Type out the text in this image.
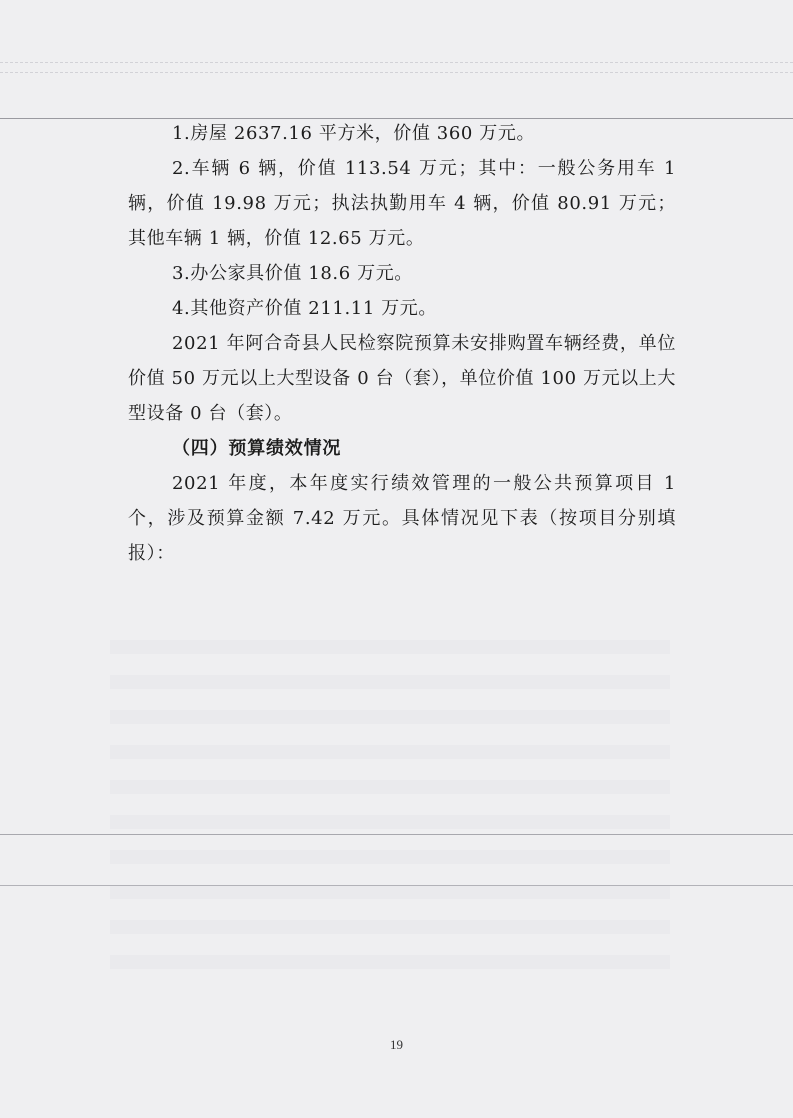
1.房屋 2637.16 平方米，价值 360 万元。

2.车辆 6 辆，价值 113.54 万元；其中：一般公务用车 1 辆，价值 19.98 万元；执法执勤用车 4 辆，价值 80.91 万元；其他车辆 1 辆，价值 12.65 万元。

3.办公家具价值 18.6 万元。

4.其他资产价值 211.11 万元。

2021 年阿合奇县人民检察院预算未安排购置车辆经费，单位价值 50 万元以上大型设备 0 台（套），单位价值 100 万元以上大型设备 0 台（套）。

（四）预算绩效情况

2021 年度，本年度实行绩效管理的一般公共预算项目 1 个，涉及预算金额 7.42 万元。具体情况见下表（按项目分别填报）：

19
